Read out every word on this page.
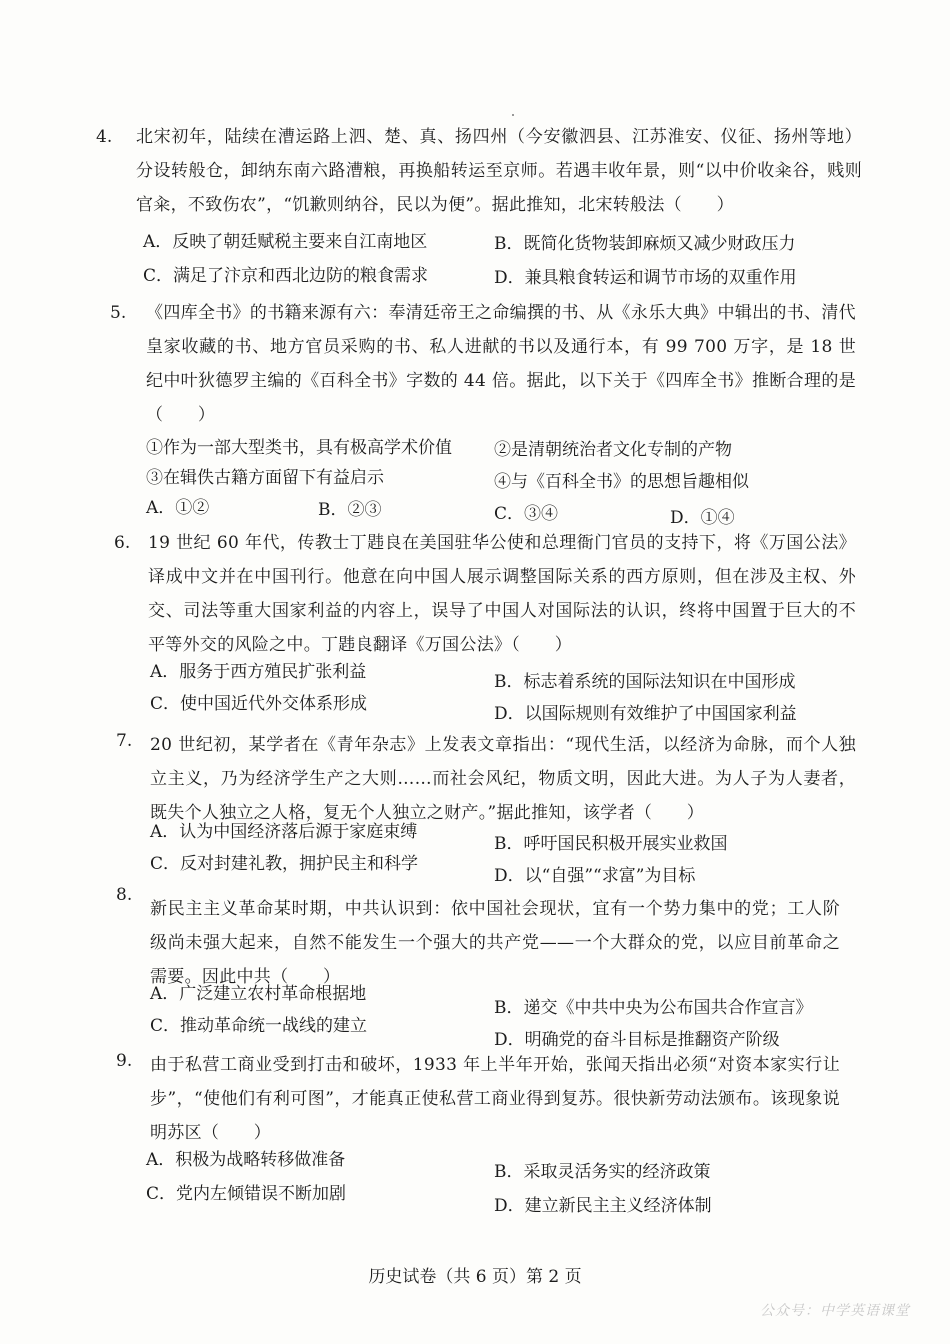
4. 北宋初年，陆续在漕运路上泗、楚、真、扬四州（今安徽泗县、江苏淮安、仪征、扬州等地）分设转般仓，卸纳东南六路漕粮，再换船转运至京师。若遇丰收年景，则“以中价收籴谷，贱则官籴，不致伤农”，“饥歉则纳谷，民以为便”。据此推知，北宋转般法（　　）
A．反映了朝廷赋税主要来自江南地区	B．既简化货物装卸麻烦又减少财政压力
C．满足了汴京和西北边防的粮食需求	D．兼具粮食转运和调节市场的双重作用
5. 《四库全书》的书籍来源有六：奉清廷帝王之命编撰的书、从《永乐大典》中辑出的书、清代皇家收藏的书、地方官员采购的书、私人进献的书以及通行本，有 99 700 万字，是 18 世纪中叶狄德罗主编的《百科全书》字数的 44 倍。据此，以下关于《四库全书》推断合理的是（　　）
①作为一部大型类书，具有极高学术价值 ②是清朝统治者文化专制的产物
③在辑佚古籍方面留下有益启示	④与《百科全书》的思想旨趣相似
A．①②	B．②③	C．③④	D．①④
6. 19 世纪 60 年代，传教士丁韪良在美国驻华公使和总理衙门官员的支持下，将《万国公法》译成中文并在中国刊行。他意在向中国人展示调整国际关系的西方原则，但在涉及主权、外交、司法等重大国家利益的内容上，误导了中国人对国际法的认识，终将中国置于巨大的不平等外交的风险之中。丁韪良翻译《万国公法》（　　）
A．服务于西方殖民扩张利益	B．标志着系统的国际法知识在中国形成
C．使中国近代外交体系形成	D．以国际规则有效维护了中国国家利益
7. 20 世纪初，某学者在《青年杂志》上发表文章指出：“现代生活，以经济为命脉，而个人独立主义，乃为经济学生产之大则……而社会风纪，物质文明，因此大进。为人子为人妻者，既失个人独立之人格，复无个人独立之财产。”据此推知，该学者（　　）
A．认为中国经济落后源于家庭束缚
B．呼吁国民积极开展实业救国
C．反对封建礼教，拥护民主和科学
D．以“自强”“求富”为目标
8.
新民主主义革命某时期，中共认识到：依中国社会现状，宜有一个势力集中的党；工人阶级尚未强大起来，自然不能发生一个强大的共产党——一个大群众的党，以应目前革命之需要。因此中共（　　）
A．广泛建立农村革命根据地
B．递交《中共中央为公布国共合作宣言》
C．推动革命统一战线的建立
D．明确党的奋斗目标是推翻资产阶级
9. 由于私营工商业受到打击和破坏，1933 年上半年开始，张闻天指出必须“对资本家实行让步”，“使他们有利可图”，才能真正使私营工商业得到复苏。很快新劳动法颁布。该现象说明苏区（　　）
A．积极为战略转移做准备
B．采取灵活务实的经济政策
C．党内左倾错误不断加剧
D．建立新民主主义经济体制
历史试卷（共 6 页）第 2 页
公众号：中学英语课堂
